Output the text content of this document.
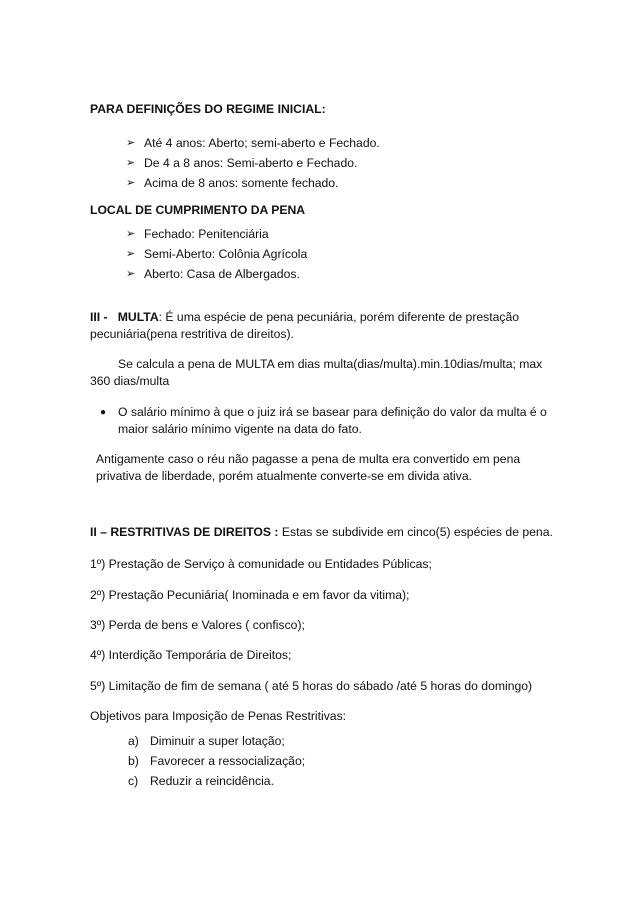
PARA DEFINIÇÕES DO REGIME INICIAL:
➢ Até 4 anos: Aberto; semi-aberto e Fechado.
➢ De 4 a 8 anos: Semi-aberto e Fechado.
➢ Acima de 8 anos: somente fechado.
LOCAL DE CUMPRIMENTO DA PENA
➢ Fechado: Penitenciária
➢ Semi-Aberto: Colônia Agrícola
➢ Aberto: Casa de Albergados.
III - MULTA: É uma espécie de pena pecuniária, porém diferente de prestação
pecuniária(pena restritiva de direitos).
Se calcula a pena de MULTA em dias multa(dias/multa).min.10dias/multa; max
360 dias/multa
● O salário mínimo à que o juiz irá se basear para definição do valor da multa é o
maior salário mínimo vigente na data do fato.
Antigamente caso o réu não pagasse a pena de multa era convertido em pena
privativa de liberdade, porém atualmente converte-se em divida ativa.
II – RESTRITIVAS DE DIREITOS : Estas se subdivide em cinco(5) espécies de pena.
1º) Prestação de Serviço à comunidade ou Entidades Públicas;
2º) Prestação Pecuniária( Inominada e em favor da vitima);
3º) Perda de bens e Valores ( confisco);
4º) Interdição Temporária de Direitos;
5º) Limitação de fim de semana ( até 5 horas do sábado /até 5 horas do domingo)
Objetivos para Imposição de Penas Restritivas:
a) Diminuir a super lotação;
b) Favorecer a ressocialização;
c) Reduzir a reincidência.
